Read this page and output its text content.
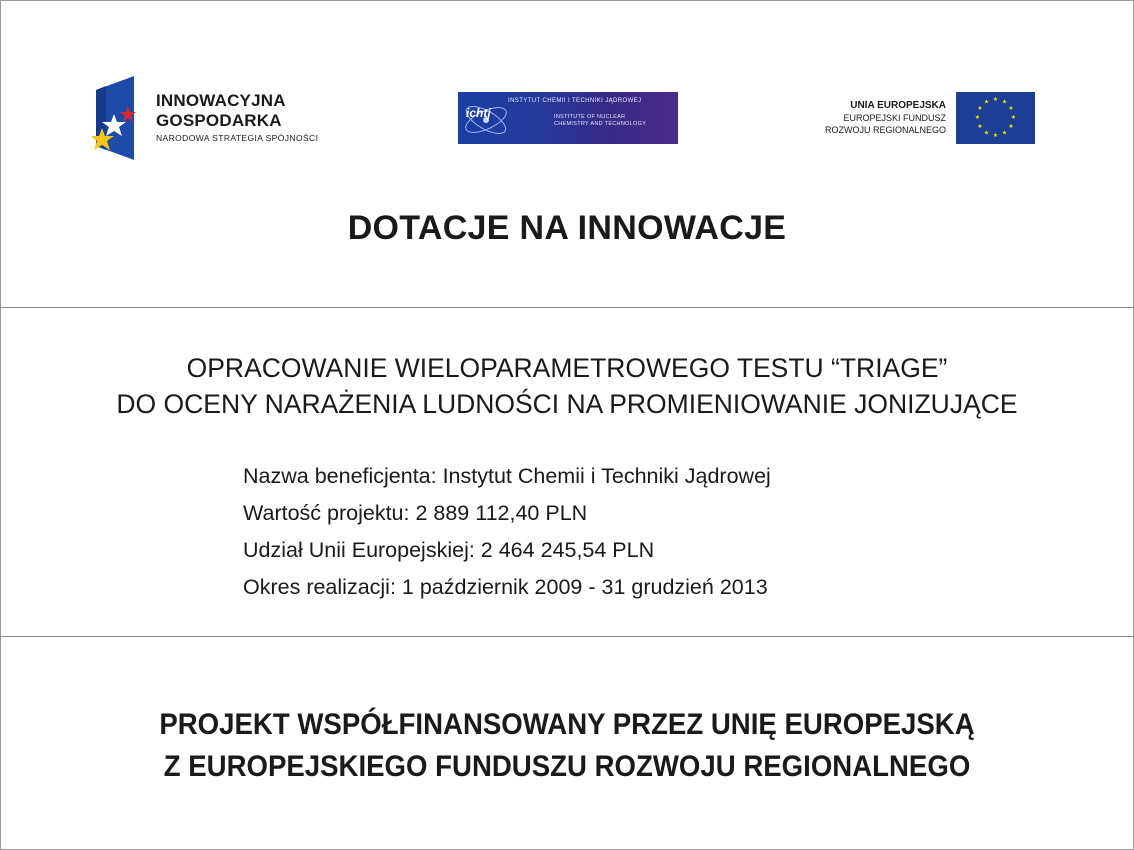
INNOWACYJNA
GOSPODARKA
NARODOWA STRATEGIA SPÓJNOŚCI
ichtj
INSTYTUT CHEMII I TECHNIKI JĄDROWEJ
INSTITUTE OF NUCLEAR
CHEMISTRY AND TECHNOLOGY
UNIA EUROPEJSKA
EUROPEJSKI FUNDUSZ
ROZWOJU REGIONALNEGO
★ ★
★
★
★
★
★
★
★
★
★
★
DOTACJE NA INNOWACJE
OPRACOWANIE WIELOPARAMETROWEGO TESTU “TRIAGE”
DO OCENY NARAŻENIA LUDNOŚCI NA PROMIENIOWANIE JONIZUJĄCE
Nazwa beneficjenta: Instytut Chemii i Techniki Jądrowej
Wartość projektu: 2 889 112,40 PLN
Udział Unii Europejskiej: 2 464 245,54 PLN
Okres realizacji: 1 październik 2009 - 31 grudzień 2013
PROJEKT WSPÓŁFINANSOWANY PRZEZ UNIĘ EUROPEJSKĄ
Z EUROPEJSKIEGO FUNDUSZU ROZWOJU REGIONALNEGO
